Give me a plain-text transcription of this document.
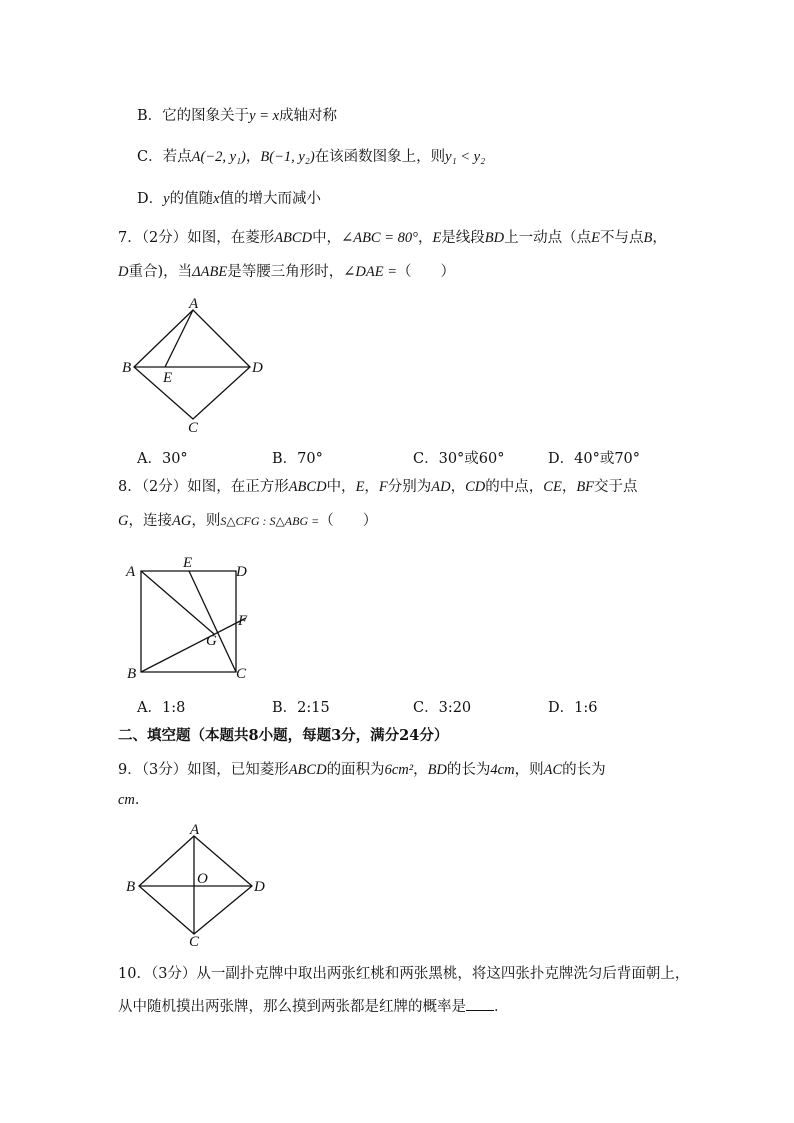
B．它的图象关于y = x成轴对称
C．若点A(−2, y₁)，B(−1, y₂)在该函数图象上，则y₁ < y₂
D．y的值随x值的增大而减小
7．（2分）如图，在菱形ABCD中，∠ABC = 80°，E是线段BD上一动点（点E不与点B，
D重合)，当ΔABE是等腰三角形时，∠DAE =（　　）
A
B	D
E
C
A．30°	B．70°	C．30°或60°	D．40°或70°
8．（2分）如图，在正方形ABCD中，E，F分别为AD，CD的中点，CE，BF交于点
G，连接AG，则S△CFG : S△ABG =（　　）
A
E
D
F
G
B	C
A．1:8	B．2:15	C．3:20	D．1:6
二、填空题（本题共8小题，每题3分，满分24分）
9．（3分）如图，已知菱形ABCD的面积为6cm²，BD的长为4cm，则AC的长为
cm．
A
B	D
O
C
10．（3分）从一副扑克牌中取出两张红桃和两张黑桃，将这四张扑克牌洗匀后背面朝上，
从中随机摸出两张牌，那么摸到两张都是红牌的概率是 ．
